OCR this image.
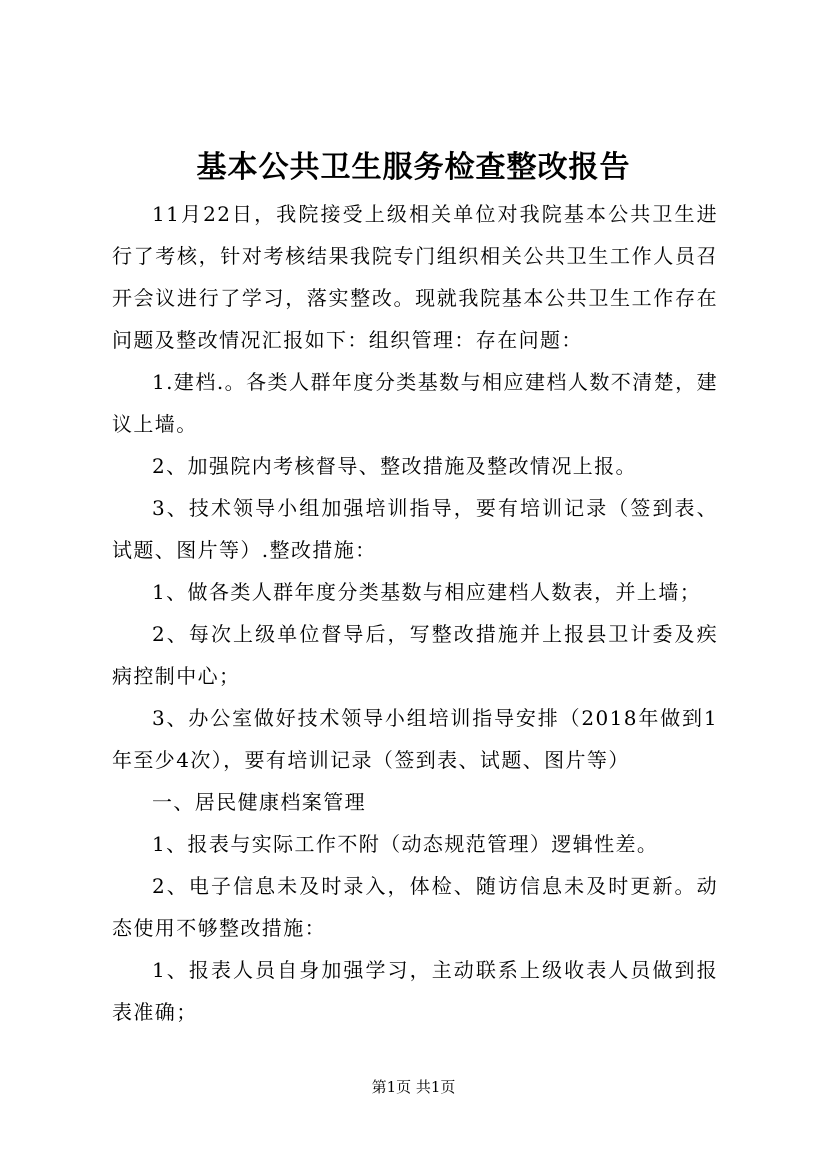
基本公共卫生服务检查整改报告

11月22日，我院接受上级相关单位对我院基本公共卫生进行了考核，针对考核结果我院专门组织相关公共卫生工作人员召开会议进行了学习，落实整改。现就我院基本公共卫生工作存在问题及整改情况汇报如下：组织管理：存在问题：

1.建档.。各类人群年度分类基数与相应建档人数不清楚，建议上墙。

2、加强院内考核督导、整改措施及整改情况上报。

3、技术领导小组加强培训指导，要有培训记录（签到表、试题、图片等）.整改措施：

1、做各类人群年度分类基数与相应建档人数表，并上墙；

2、每次上级单位督导后，写整改措施并上报县卫计委及疾病控制中心；

3、办公室做好技术领导小组培训指导安排（2018年做到1年至少4次），要有培训记录（签到表、试题、图片等）

一、居民健康档案管理

1、报表与实际工作不附（动态规范管理）逻辑性差。

2、电子信息未及时录入，体检、随访信息未及时更新。动态使用不够整改措施：

1、报表人员自身加强学习，主动联系上级收表人员做到报表准确；

第1页 共1页
